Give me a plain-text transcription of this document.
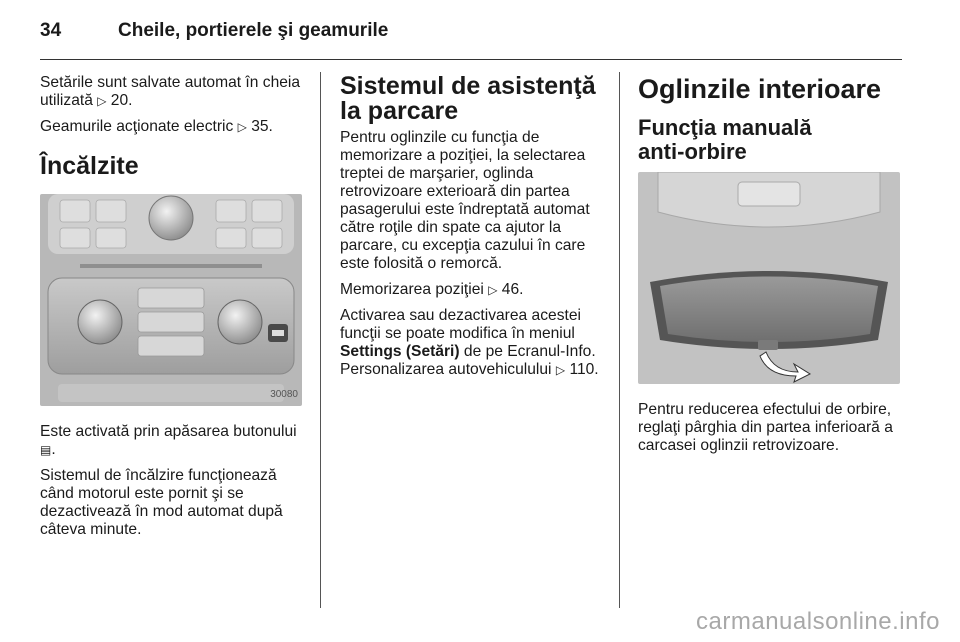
34	Cheile, portierele şi geamurile

Setările sunt salvate automat în cheia utilizată ▷ 20.

Geamurile acţionate electric ▷ 35.

Încălzite
30080

Este activată prin apăsarea butonului ▤.

Sistemul de încălzire funcţionează când motorul este pornit şi se dezactivează în mod automat după câteva minute.

Sistemul de asistenţă la parcare

Pentru oglinzile cu funcţia de memorizare a poziţiei, la selectarea treptei de marşarier, oglinda retrovizoare exterioară din partea pasagerului este îndreptată automat către roţile din spate ca ajutor la parcare, cu excepţia cazului în care este folosită o remorcă.

Memorizarea poziţiei ▷ 46.

Activarea sau dezactivarea acestei funcţii se poate modifica în meniul Settings (Setări) de pe Ecranul-Info. Personalizarea autovehiculului ▷ 110.

Oglinzile interioare
Funcţia manuală anti-orbire

Pentru reducerea efectului de orbire, reglaţi pârghia din partea inferioară a carcasei oglinzii retrovizoare.

carmanualsonline.info
